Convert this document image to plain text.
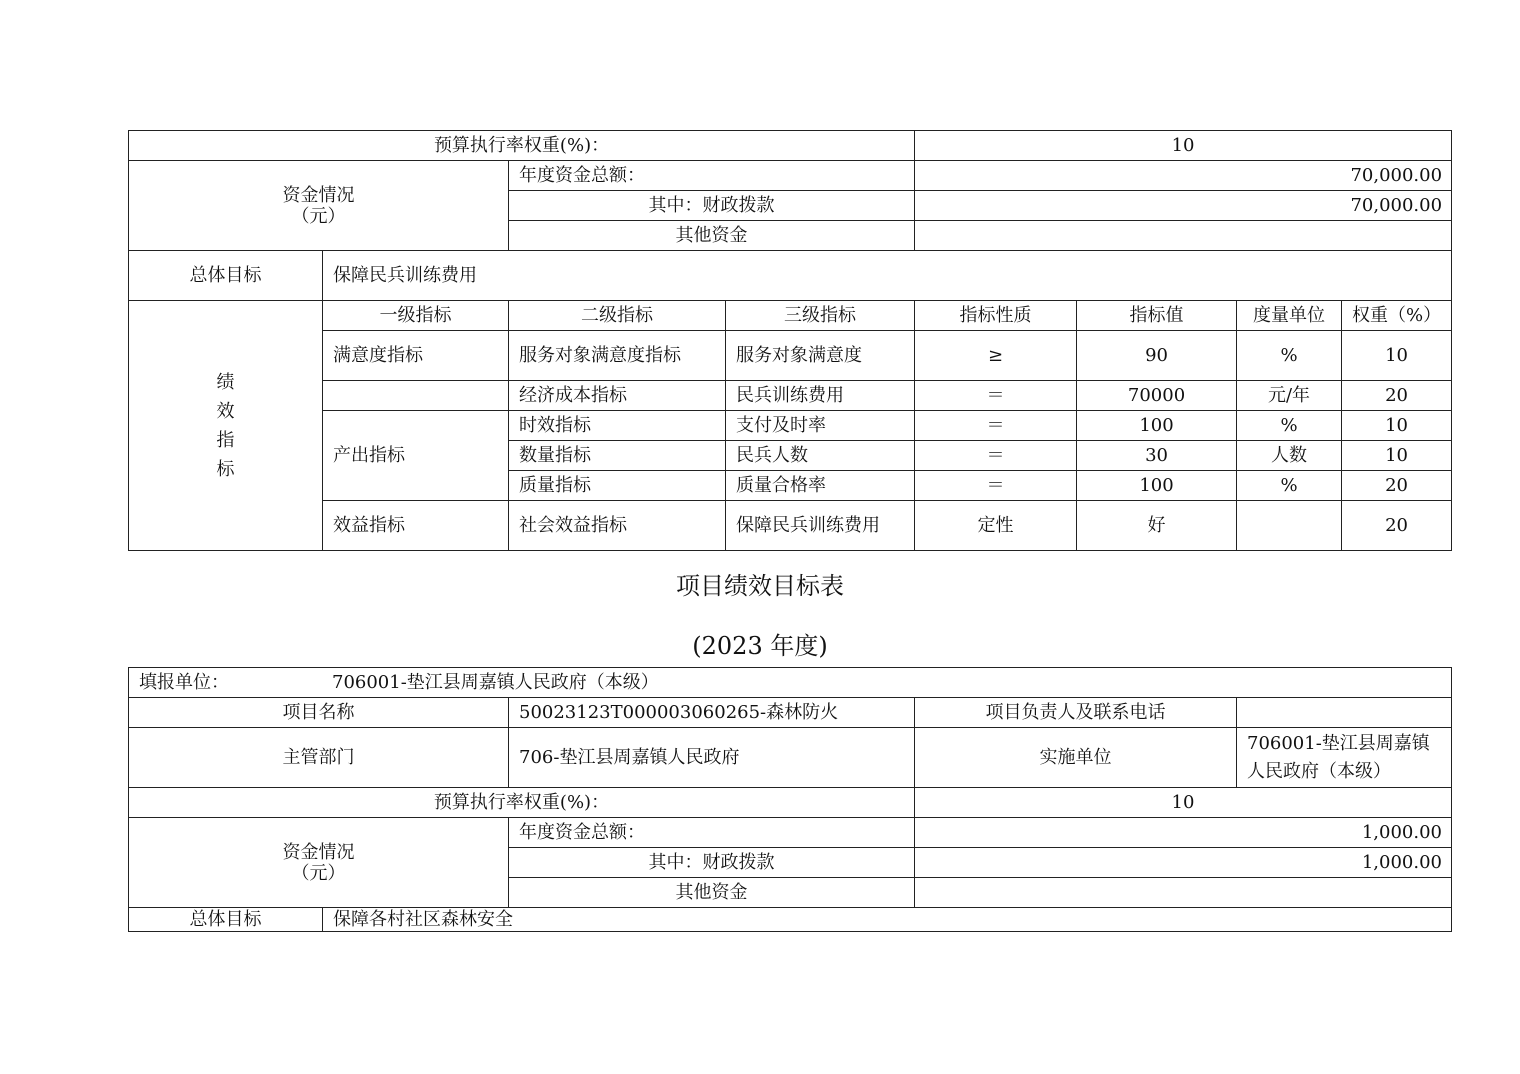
预算执行率权重(%)：				10			

资金情况
（元）		年度资金总额：		70,000.00			
		其中：财政拨款		70,000.00			
		其他资金					
总体目标	保障民兵训练费用						

绩
效
指
标	一级指标	二级指标	三级指标	指标性质	指标值	度量单位	权重（%）
	满意度指标	服务对象满意度指标	服务对象满意度	≥	90	%	10
		经济成本指标	民兵训练费用	＝	70000	元/年	20
	产出指标	时效指标	支付及时率	＝	100	%	10
		数量指标	民兵人数	＝	30	人数	10
		质量指标	质量合格率	＝	100	%	20
	效益指标	社会效益指标	保障民兵训练费用	定性	好		20
项目绩效目标表
(2023 年度)
填报单位： 706001-垫江县周嘉镇人民政府（本级）				
项目名称		50023123T000003060265-森林防火	项目负责人及联系电话	
主管部门		706-垫江县周嘉镇人民政府	实施单位	706001-垫江县周嘉镇人民政府（本级）
预算执行率权重(%)：			10	

资金情况
（元）		年度资金总额：	1,000.00	
		其中：财政拨款	1,000.00	
		其他资金		
总体目标	保障各村社区森林安全			
